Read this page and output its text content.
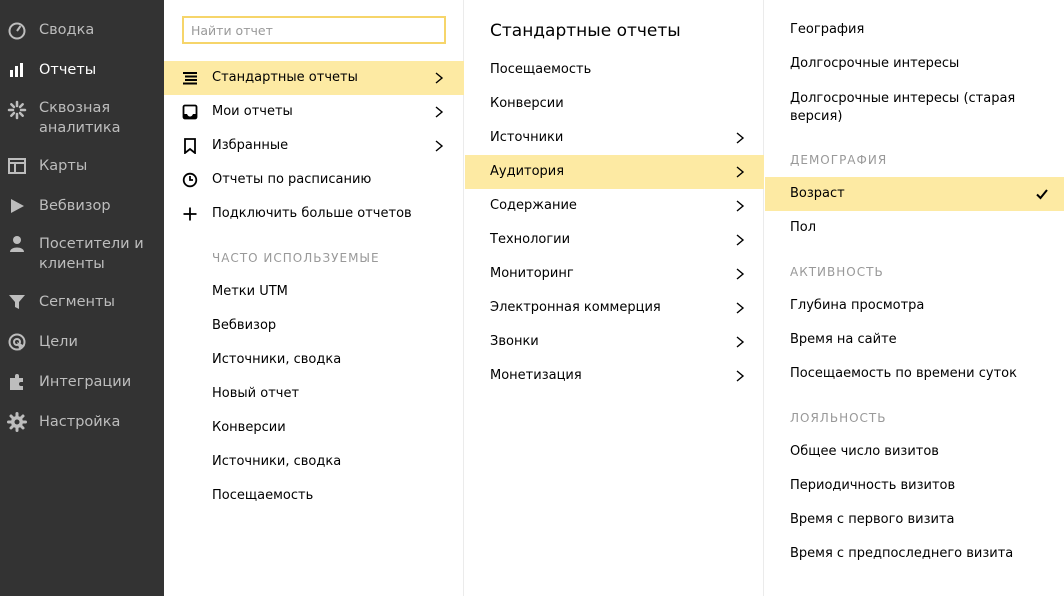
Сводка
Отчеты
Сквозная аналитика
Карты
Вебвизор
Посетители и клиенты
Сегменты
Цели
Интеграции
Настройка
Найти отчет
Стандартные отчеты
Мои отчеты
Избранные
Отчеты по расписанию
Подключить больше отчетов
ЧАСТО ИСПОЛЬЗУЕМЫЕ
Метки UTM
Вебвизор
Источники, сводка
Новый отчет
Конверсии
Источники, сводка
Посещаемость
Стандартные отчеты
Посещаемость
Конверсии
Источники
Аудитория
Содержание
Технологии
Мониторинг
Электронная коммерция
Звонки
Монетизация
География
Долгосрочные интересы
Долгосрочные интересы (старая версия)
ДЕМОГРАФИЯ
Возраст
Пол
АКТИВНОСТЬ
Глубина просмотра
Время на сайте
Посещаемость по времени суток
ЛОЯЛЬНОСТЬ
Общее число визитов
Периодичность визитов
Время с первого визита
Время с предпоследнего визита
